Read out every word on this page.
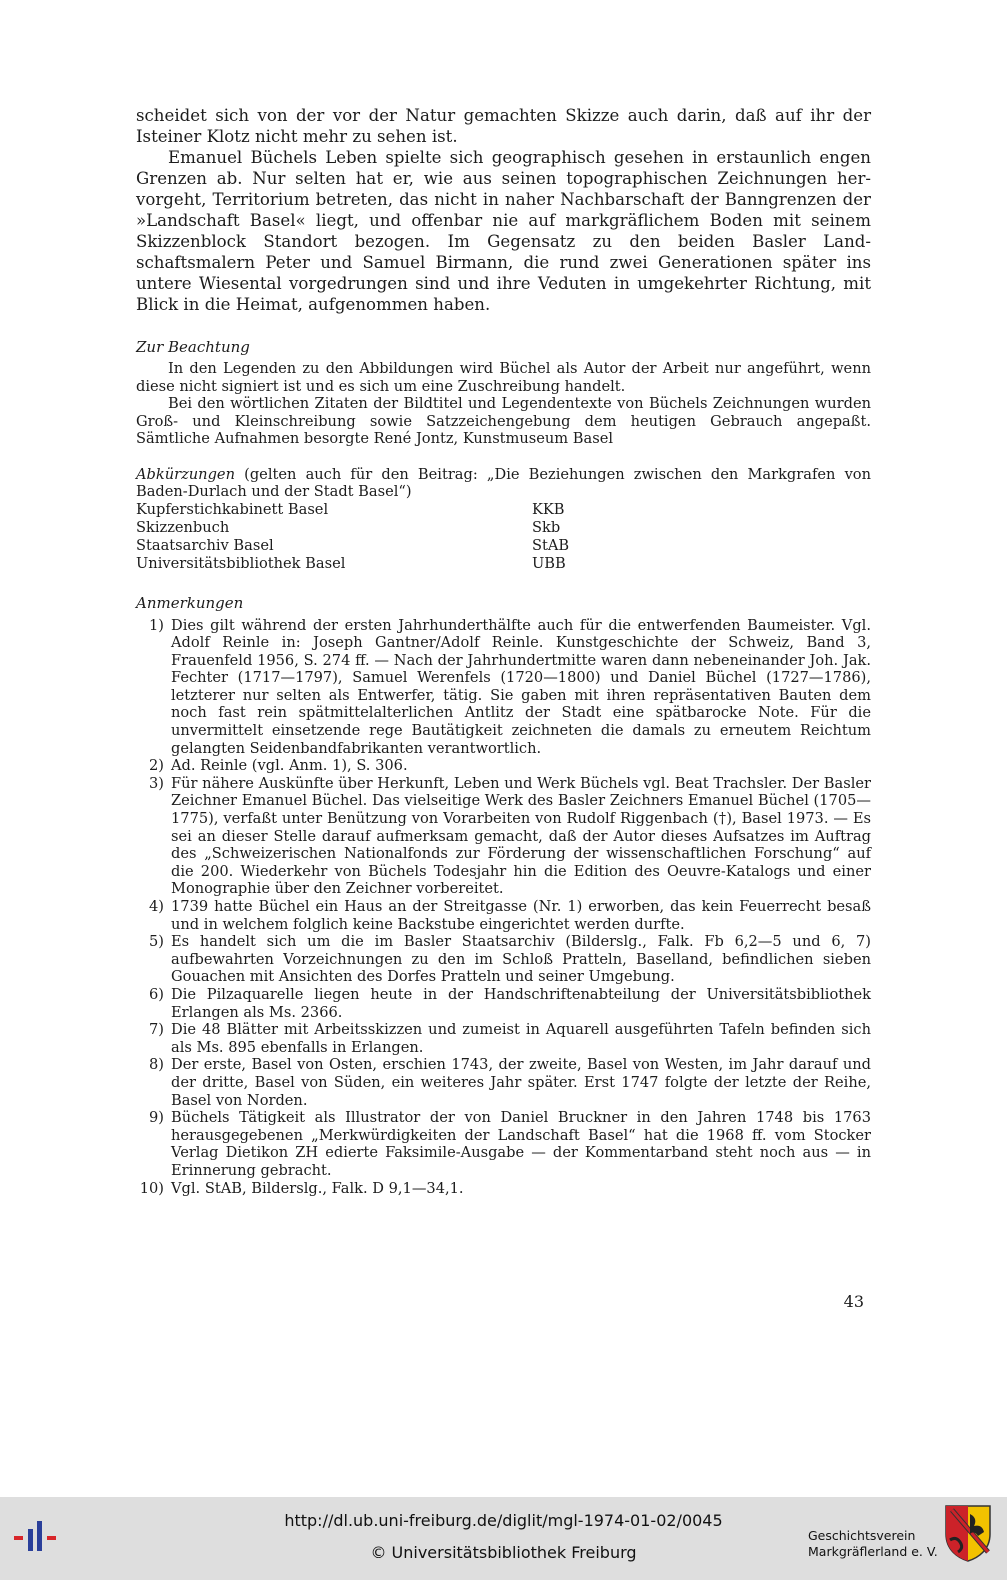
scheidet sich von der vor der Natur gemachten Skizze auch darin, daß auf ihr der Isteiner Klotz nicht mehr zu sehen ist.

Emanuel Büchels Leben spielte sich geographisch gesehen in erstaunlich engen Grenzen ab. Nur selten hat er, wie aus seinen topographischen Zeichnungen hervorgeht, Territorium betreten, das nicht in naher Nachbarschaft der Banngrenzen der »Landschaft Basel« liegt, und offenbar nie auf markgräflichem Boden mit seinem Skizzenblock Standort bezogen. Im Gegensatz zu den beiden Basler Landschaftsmalern Peter und Samuel Birmann, die rund zwei Generationen später ins untere Wiesental vorgedrungen sind und ihre Veduten in umgekehrter Richtung, mit Blick in die Heimat, aufgenommen haben.

Zur Beachtung

In den Legenden zu den Abbildungen wird Büchel als Autor der Arbeit nur angeführt, wenn diese nicht signiert ist und es sich um eine Zuschreibung handelt.

Bei den wörtlichen Zitaten der Bildtitel und Legendentexte von Büchels Zeichnungen wurden Groß- und Kleinschreibung sowie Satzzeichengebung dem heutigen Gebrauch angepaßt. Sämtliche Aufnahmen besorgte René Jontz, Kunstmuseum Basel

Abkürzungen (gelten auch für den Beitrag: „Die Beziehungen zwischen den Markgrafen von Baden-Durlach und der Stadt Basel“)

Kupferstichkabinett Basel	KKB
Skizzenbuch	Skb
Staatsarchiv Basel	StAB
Universitätsbibliothek Basel	UBB

Anmerkungen

1) Dies gilt während der ersten Jahrhunderthälfte auch für die entwerfenden Baumeister. Vgl. Adolf Reinle in: Joseph Gantner/Adolf Reinle. Kunstgeschichte der Schweiz, Band 3, Frauenfeld 1956, S. 274 ff. — Nach der Jahrhundertmitte waren dann nebeneinander Joh. Jak. Fechter (1717—1797), Samuel Werenfels (1720—1800) und Daniel Büchel (1727—1786), letzterer nur selten als Entwerfer, tätig. Sie gaben mit ihren repräsentativen Bauten dem noch fast rein spätmittelalterlichen Antlitz der Stadt eine spätbarocke Note. Für die unvermittelt einsetzende rege Bautätigkeit zeichneten die damals zu erneutem Reichtum gelangten Seidenbandfabrikanten verantwortlich.
2) Ad. Reinle (vgl. Anm. 1), S. 306.
3) Für nähere Auskünfte über Herkunft, Leben und Werk Büchels vgl. Beat Trachsler. Der Basler Zeichner Emanuel Büchel. Das vielseitige Werk des Basler Zeichners Emanuel Büchel (1705—1775), verfaßt unter Benützung von Vorarbeiten von Rudolf Riggenbach (†), Basel 1973. — Es sei an dieser Stelle darauf aufmerksam gemacht, daß der Autor dieses Aufsatzes im Auftrag des „Schweizerischen Nationalfonds zur Förderung der wissenschaftlichen Forschung“ auf die 200. Wiederkehr von Büchels Todesjahr hin die Edition des Oeuvre-Katalogs und einer Monographie über den Zeichner vorbereitet.
4) 1739 hatte Büchel ein Haus an der Streitgasse (Nr. 1) erworben, das kein Feuerrecht besaß und in welchem folglich keine Backstube eingerichtet werden durfte.
5) Es handelt sich um die im Basler Staatsarchiv (Bilderslg., Falk. Fb 6,2—5 und 6, 7) aufbewahrten Vorzeichnungen zu den im Schloß Pratteln, Baselland, befindlichen sieben Gouachen mit Ansichten des Dorfes Pratteln und seiner Umgebung.
6) Die Pilzaquarelle liegen heute in der Handschriftenabteilung der Universitätsbibliothek Erlangen als Ms. 2366.
7) Die 48 Blätter mit Arbeitsskizzen und zumeist in Aquarell ausgeführten Tafeln befinden sich als Ms. 895 ebenfalls in Erlangen.
8) Der erste, Basel von Osten, erschien 1743, der zweite, Basel von Westen, im Jahr darauf und der dritte, Basel von Süden, ein weiteres Jahr später. Erst 1747 folgte der letzte der Reihe, Basel von Norden.
9) Büchels Tätigkeit als Illustrator der von Daniel Bruckner in den Jahren 1748 bis 1763 herausgegebenen „Merkwürdigkeiten der Landschaft Basel“ hat die 1968 ff. vom Stocker Verlag Dietikon ZH edierte Faksimile-Ausgabe — der Kommentarband steht noch aus — in Erinnerung gebracht.
10) Vgl. StAB, Bilderslg., Falk. D 9,1—34,1.
43
http://dl.ub.uni-freiburg.de/diglit/mgl-1974-01-02/0045
© Universitätsbibliothek Freiburg
Geschichtsverein
Markgräflerland e. V.
